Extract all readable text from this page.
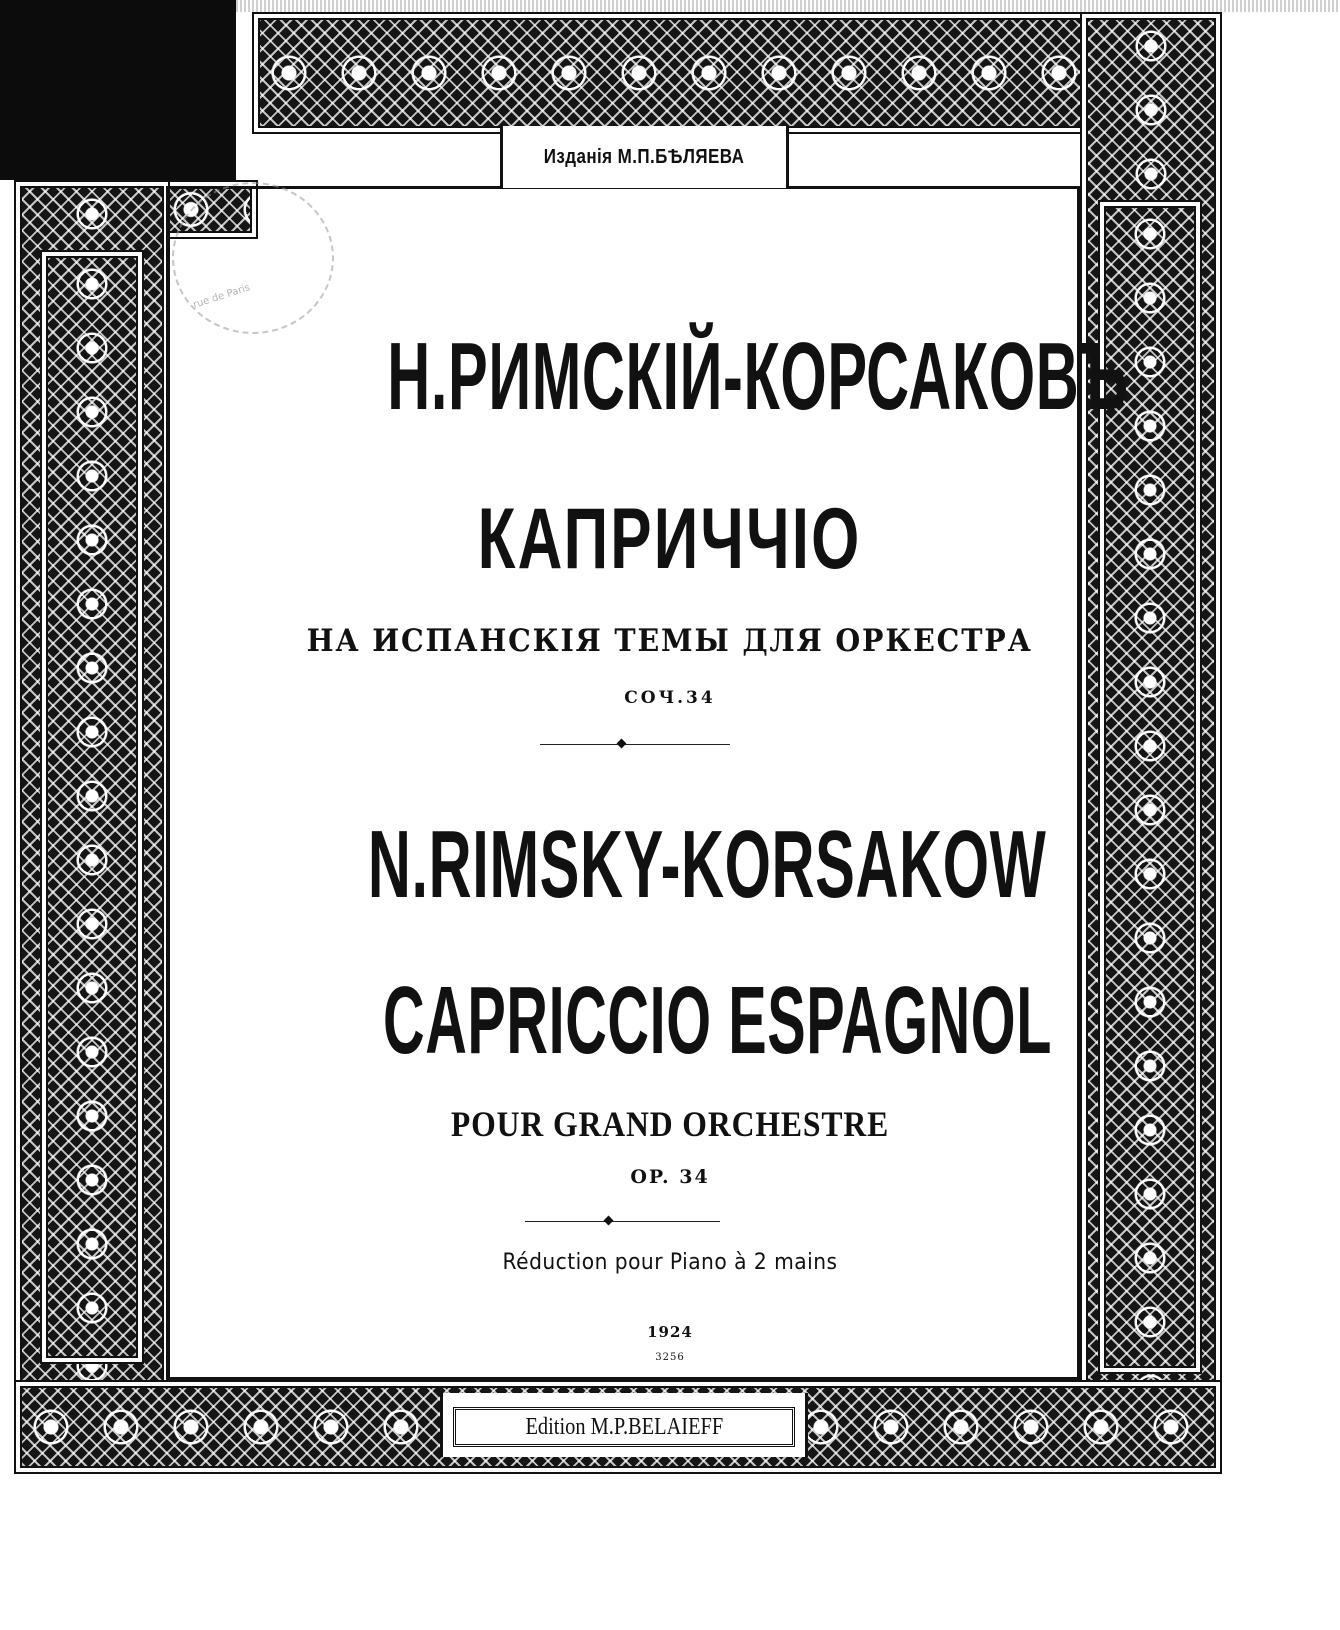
Изданія М.П.БѢЛЯЕВА
rue de Paris
Н.РИМСКІЙ-КОРСАКОВЪ
КАПРИЧЧІО
НА ИСПАНСКІЯ ТЕМЫ ДЛЯ ОРКЕСТРА
СОЧ.34
N.RIMSKY-KORSAKOW
CAPRICCIO ESPAGNOL
POUR GRAND ORCHESTRE
OP. 34
Réduction pour Piano à 2 mains
1924
3256
Edition M.P.BELAIEFF
